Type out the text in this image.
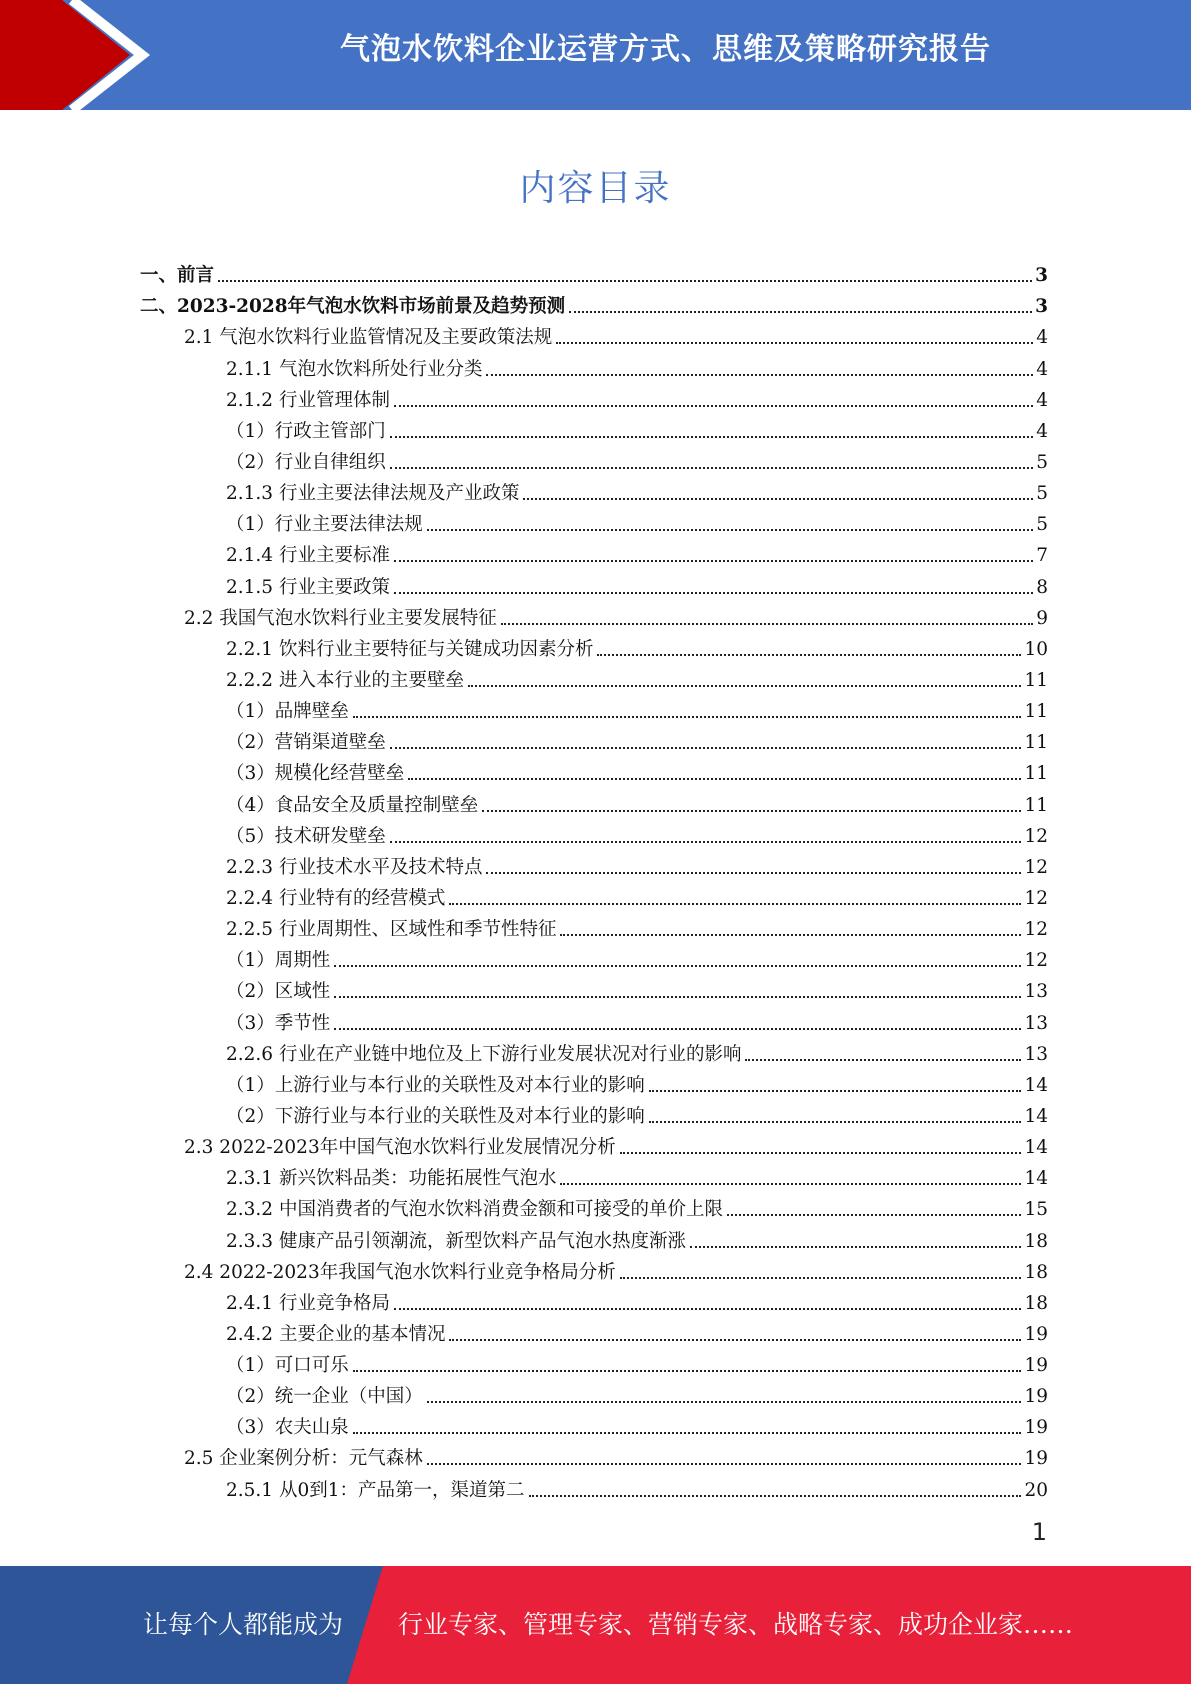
气泡水饮料企业运营方式、思维及策略研究报告
内容目录
一、前言	3
二、2023-2028年气泡水饮料市场前景及趋势预测	3
2.1 气泡水饮料行业监管情况及主要政策法规	4
2.1.1 气泡水饮料所处行业分类	4
2.1.2 行业管理体制	4
（1）行政主管部门	4
（2）行业自律组织	5
2.1.3 行业主要法律法规及产业政策	5
（1）行业主要法律法规	5
2.1.4 行业主要标准	7
2.1.5 行业主要政策	8
2.2 我国气泡水饮料行业主要发展特征	9
2.2.1 饮料行业主要特征与关键成功因素分析	10
2.2.2 进入本行业的主要壁垒	11
（1）品牌壁垒	11
（2）营销渠道壁垒	11
（3）规模化经营壁垒	11
（4）食品安全及质量控制壁垒	11
（5）技术研发壁垒	12
2.2.3 行业技术水平及技术特点	12
2.2.4 行业特有的经营模式	12
2.2.5 行业周期性、区域性和季节性特征	12
（1）周期性	12
（2）区域性	13
（3）季节性	13
2.2.6 行业在产业链中地位及上下游行业发展状况对行业的影响	13
（1）上游行业与本行业的关联性及对本行业的影响	14
（2）下游行业与本行业的关联性及对本行业的影响	14
2.3 2022-2023年中国气泡水饮料行业发展情况分析	14
2.3.1 新兴饮料品类：功能拓展性气泡水	14
2.3.2 中国消费者的气泡水饮料消费金额和可接受的单价上限	15
2.3.3 健康产品引领潮流，新型饮料产品气泡水热度渐涨	18
2.4 2022-2023年我国气泡水饮料行业竞争格局分析	18
2.4.1 行业竞争格局	18
2.4.2 主要企业的基本情况	19
（1）可口可乐	19
（2）统一企业（中国）	19
（3）农夫山泉	19
2.5 企业案例分析：元气森林	19
2.5.1 从0到1：产品第一，渠道第二	20
1
让每个人都能成为 行业专家、管理专家、营销专家、战略专家、成功企业家……
